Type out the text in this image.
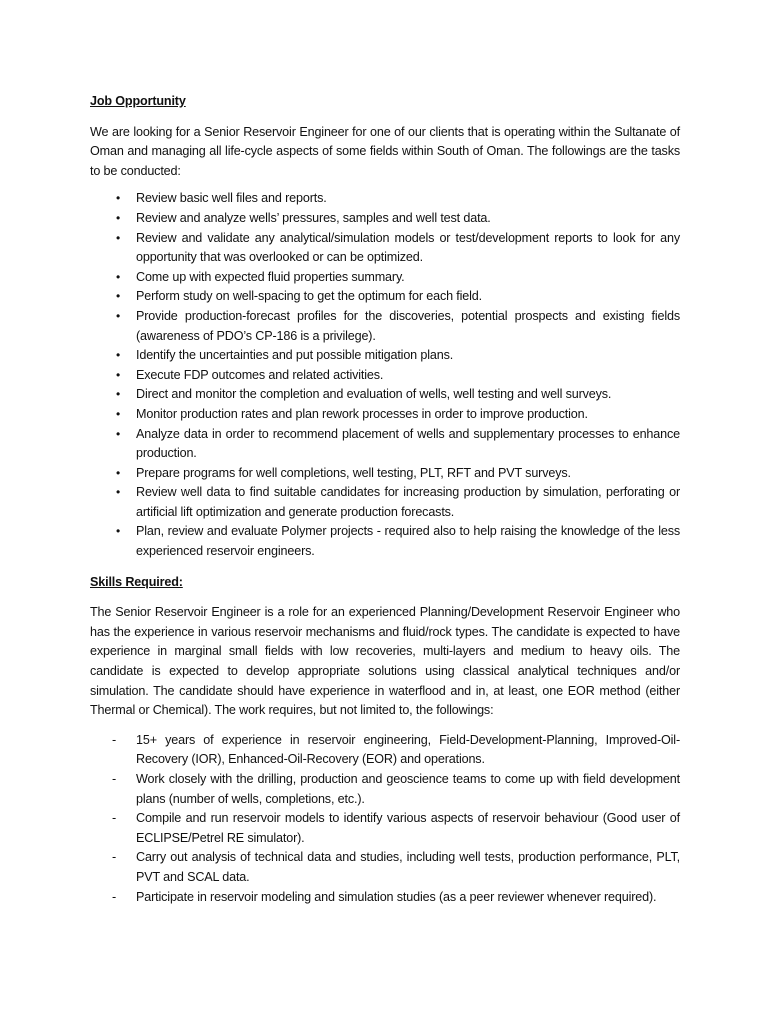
Job Opportunity

We are looking for a Senior Reservoir Engineer for one of our clients that is operating within the Sultanate of Oman and managing all life-cycle aspects of some fields within South of Oman. The followings are the tasks to be conducted:

• Review basic well files and reports.
• Review and analyze wells’ pressures, samples and well test data.
• Review and validate any analytical/simulation models or test/development reports to look for any opportunity that was overlooked or can be optimized.
• Come up with expected fluid properties summary.
• Perform study on well-spacing to get the optimum for each field.
• Provide production-forecast profiles for the discoveries, potential prospects and existing fields (awareness of PDO’s CP-186 is a privilege).
• Identify the uncertainties and put possible mitigation plans.
• Execute FDP outcomes and related activities.
• Direct and monitor the completion and evaluation of wells, well testing and well surveys.
• Monitor production rates and plan rework processes in order to improve production.
• Analyze data in order to recommend placement of wells and supplementary processes to enhance production.
• Prepare programs for well completions, well testing, PLT, RFT and PVT surveys.
• Review well data to find suitable candidates for increasing production by simulation, perforating or artificial lift optimization and generate production forecasts.
• Plan, review and evaluate Polymer projects - required also to help raising the knowledge of the less experienced reservoir engineers.
Skills Required:

The Senior Reservoir Engineer is a role for an experienced Planning/Development Reservoir Engineer who has the experience in various reservoir mechanisms and fluid/rock types. The candidate is expected to have experience in marginal small fields with low recoveries, multi-layers and medium to heavy oils. The candidate is expected to develop appropriate solutions using classical analytical techniques and/or simulation. The candidate should have experience in waterflood and in, at least, one EOR method (either Thermal or Chemical). The work requires, but not limited to, the followings:

- 15+ years of experience in reservoir engineering, Field-Development-Planning, Improved-Oil-Recovery (IOR), Enhanced-Oil-Recovery (EOR) and operations.
- Work closely with the drilling, production and geoscience teams to come up with field development plans (number of wells, completions, etc.).
- Compile and run reservoir models to identify various aspects of reservoir behaviour (Good user of ECLIPSE/Petrel RE simulator).
- Carry out analysis of technical data and studies, including well tests, production performance, PLT, PVT and SCAL data.
- Participate in reservoir modeling and simulation studies (as a peer reviewer whenever required).
